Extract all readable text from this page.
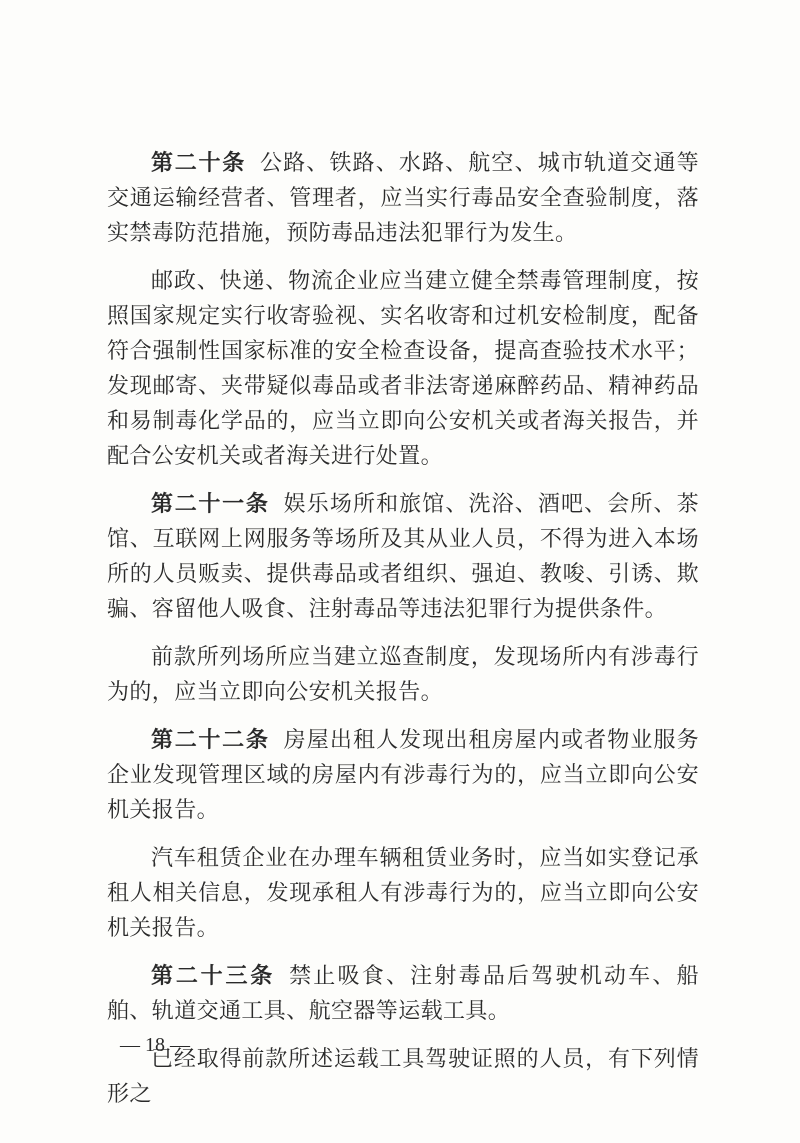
第二十条 公路、铁路、水路、航空、城市轨道交通等交通运输经营者、管理者，应当实行毒品安全查验制度，落实禁毒防范措施，预防毒品违法犯罪行为发生。

邮政、快递、物流企业应当建立健全禁毒管理制度，按照国家规定实行收寄验视、实名收寄和过机安检制度，配备符合强制性国家标准的安全检查设备，提高查验技术水平；发现邮寄、夹带疑似毒品或者非法寄递麻醉药品、精神药品和易制毒化学品的，应当立即向公安机关或者海关报告，并配合公安机关或者海关进行处置。

第二十一条 娱乐场所和旅馆、洗浴、酒吧、会所、茶馆、互联网上网服务等场所及其从业人员，不得为进入本场所的人员贩卖、提供毒品或者组织、强迫、教唆、引诱、欺骗、容留他人吸食、注射毒品等违法犯罪行为提供条件。

前款所列场所应当建立巡查制度，发现场所内有涉毒行为的，应当立即向公安机关报告。

第二十二条 房屋出租人发现出租房屋内或者物业服务企业发现管理区域的房屋内有涉毒行为的，应当立即向公安机关报告。

汽车租赁企业在办理车辆租赁业务时，应当如实登记承租人相关信息，发现承租人有涉毒行为的，应当立即向公安机关报告。

第二十三条 禁止吸食、注射毒品后驾驶机动车、船舶、轨道交通工具、航空器等运载工具。

已经取得前款所述运载工具驾驶证照的人员，有下列情形之

— 18 —
